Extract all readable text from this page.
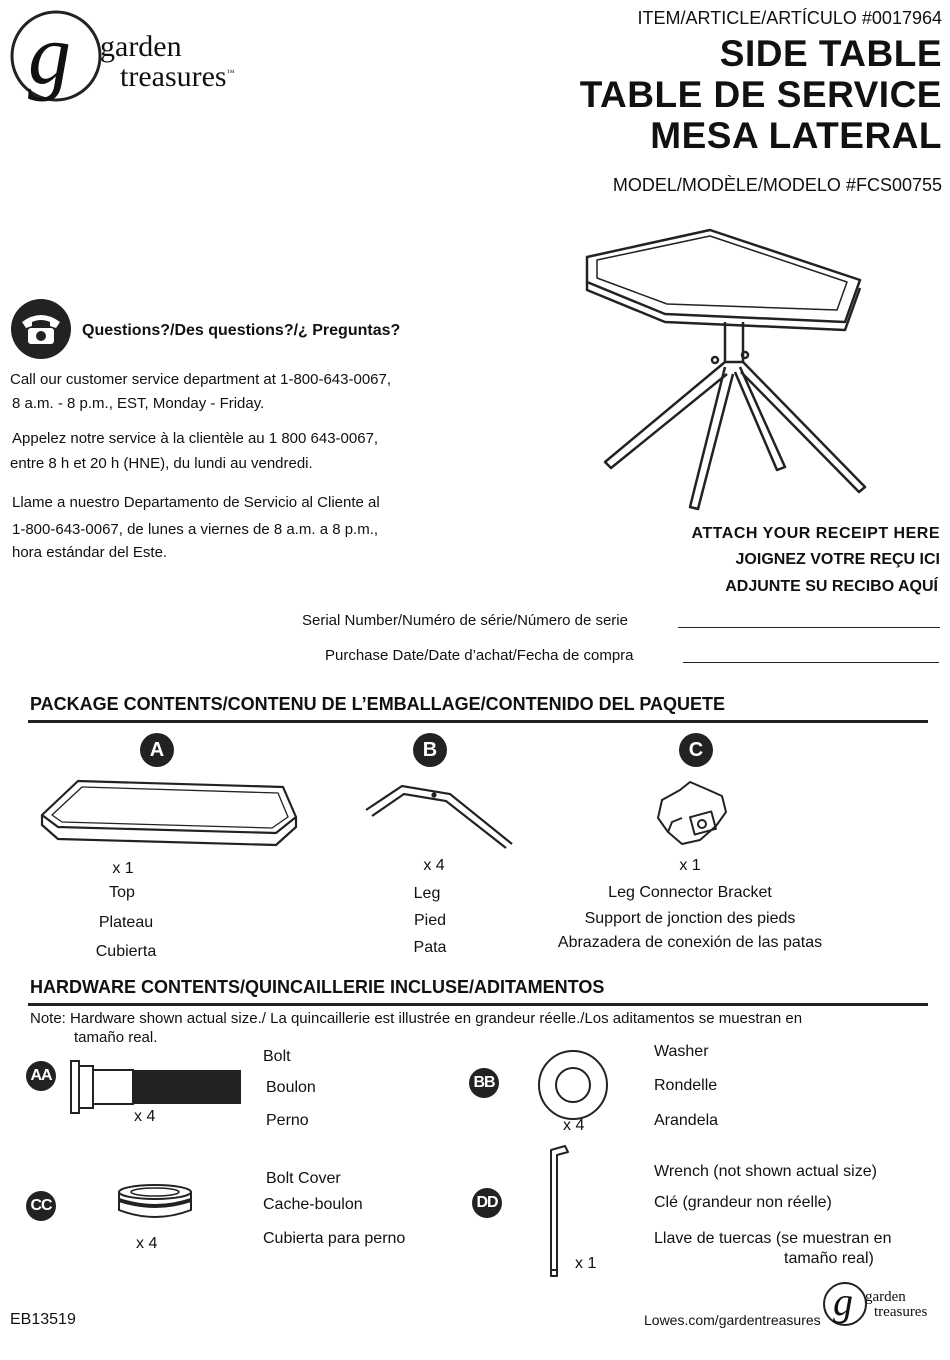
g garden
treasures™
ITEM/ARTICLE/ARTÍCULO #0017964
SIDE TABLE
TABLE DE SERVICE
MESA LATERAL
MODEL/MODÈLE/MODELO #FCS00755
Questions?/Des questions?/¿ Preguntas?
Call our customer service department at 1-800-643-0067,
8 a.m. - 8 p.m., EST, Monday - Friday.
Appelez notre service à la clientèle au 1 800 643-0067,
entre 8 h et 20 h (HNE), du lundi au vendredi.
Llame a nuestro Departamento de Servicio al Cliente al
1-800-643-0067, de lunes a viernes de 8 a.m. a 8 p.m.,
hora estándar del Este.
ATTACH YOUR RECEIPT HERE
JOIGNEZ VOTRE REÇU ICI
ADJUNTE SU RECIBO AQUÍ
Serial Number/Numéro de série/Número de serie
Purchase Date/Date d’achat/Fecha de compra
PACKAGE CONTENTS/CONTENU DE L’EMBALLAGE/CONTENIDO DEL PAQUETE
A	B	C
x 1
Top
Plateau
Cubierta
x 4
Leg
Pied
Pata
x 1
Leg Connector Bracket
Support de jonction des pieds
Abrazadera de conexión de las patas
HARDWARE CONTENTS/QUINCAILLERIE INCLUSE/ADITAMENTOS
Note: Hardware shown actual size./ La quincaillerie est illustrée en grandeur réelle./Los aditamentos se muestran en
tamaño real.
AA
x 4
Bolt
Boulon
Perno
BB
x 4
Washer
Rondelle
Arandela
CC
x 4
Bolt Cover
Cache-boulon
Cubierta para perno
DD
x 1
Wrench (not shown actual size)
Clé (grandeur non réelle)
Llave de tuercas (se muestran en
tamaño real)
EB13519	Lowes.com/gardentreasures g garden
treasures
